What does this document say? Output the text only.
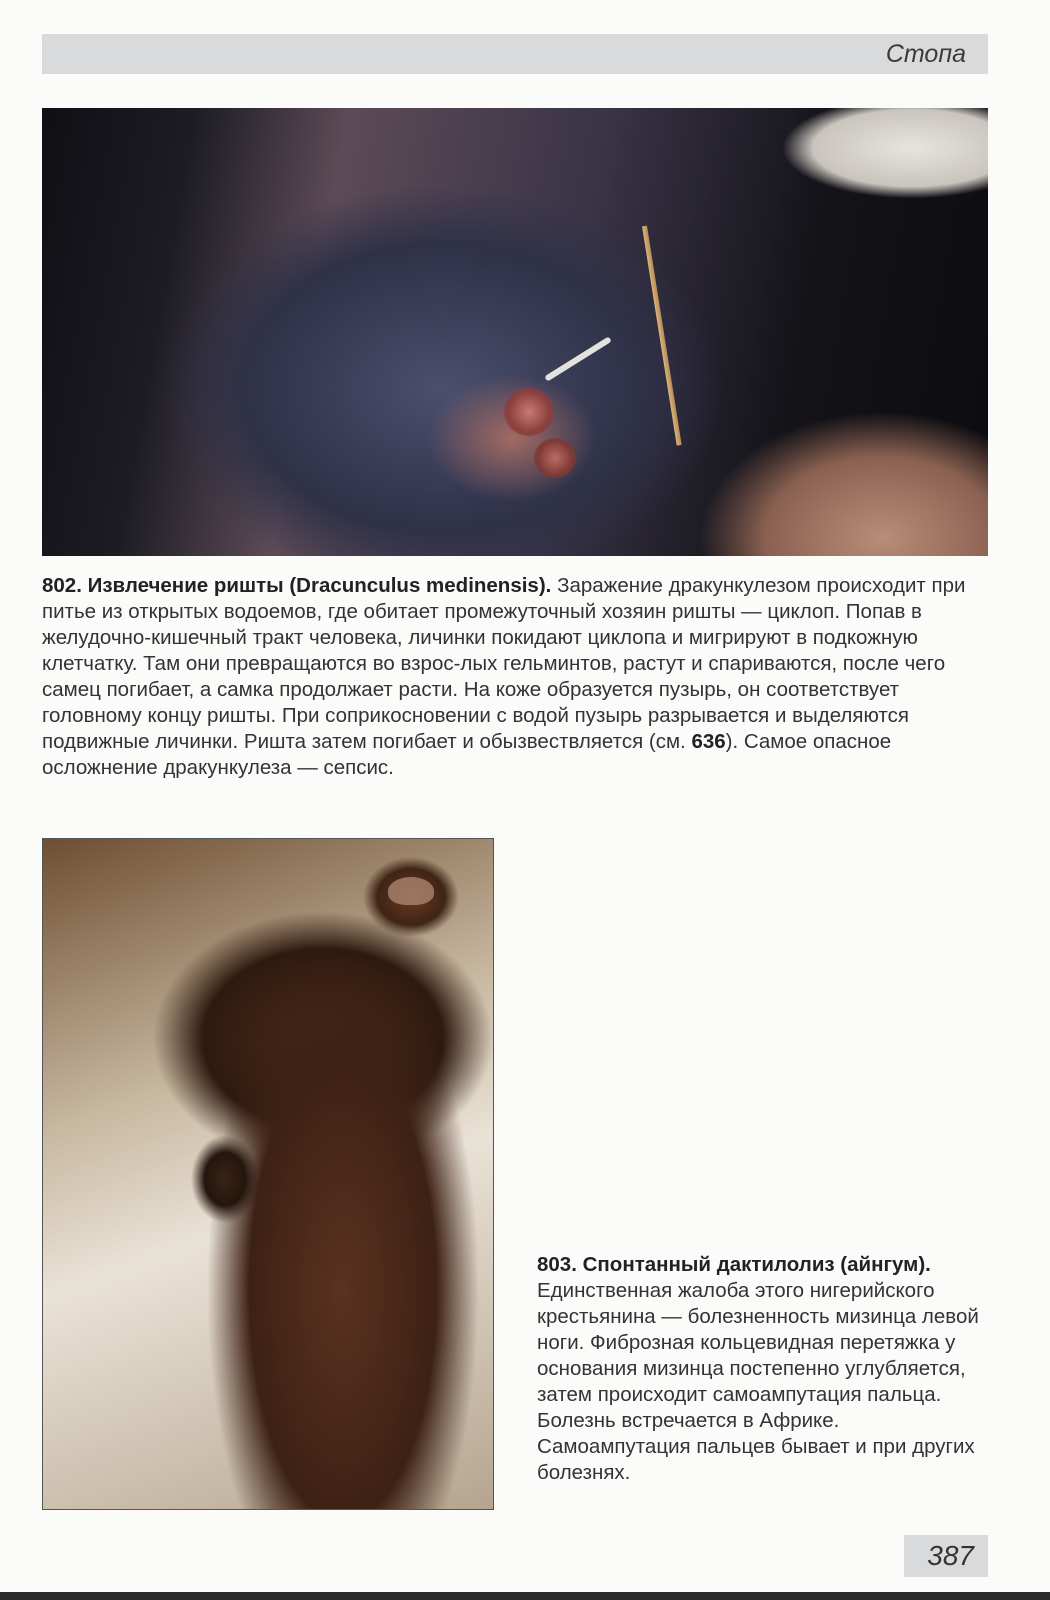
Стопа
802. Извлечение ришты (Dracunculus medinensis). Заражение дракункулезом происходит при питье из открытых водоемов, где обитает промежуточный хозяин ришты — циклоп. Попав в желудочно-кишечный тракт человека, личинки покидают циклопа и мигрируют в подкожную клетчатку. Там они превращаются во взрос-лых гельминтов, растут и спариваются, после чего самец погибает, а самка продолжает расти. На коже образуется пузырь, он соответствует головному концу ришты. При соприкосновении с водой пузырь разрывается и выделяются подвижные личинки. Ришта затем погибает и обызвествляется (см. 636). Самое опасное осложнение дракункулеза — сепсис.
803. Спонтанный дактилолиз (айнгум). Единственная жалоба этого нигерийского крестьянина — болезненность мизинца левой ноги. Фиброзная кольцевидная перетяжка у основания мизинца постепенно углубляется, затем происходит самоампутация пальца. Болезнь встречается в Африке. Самоампутация пальцев бывает и при других болезнях.
387
